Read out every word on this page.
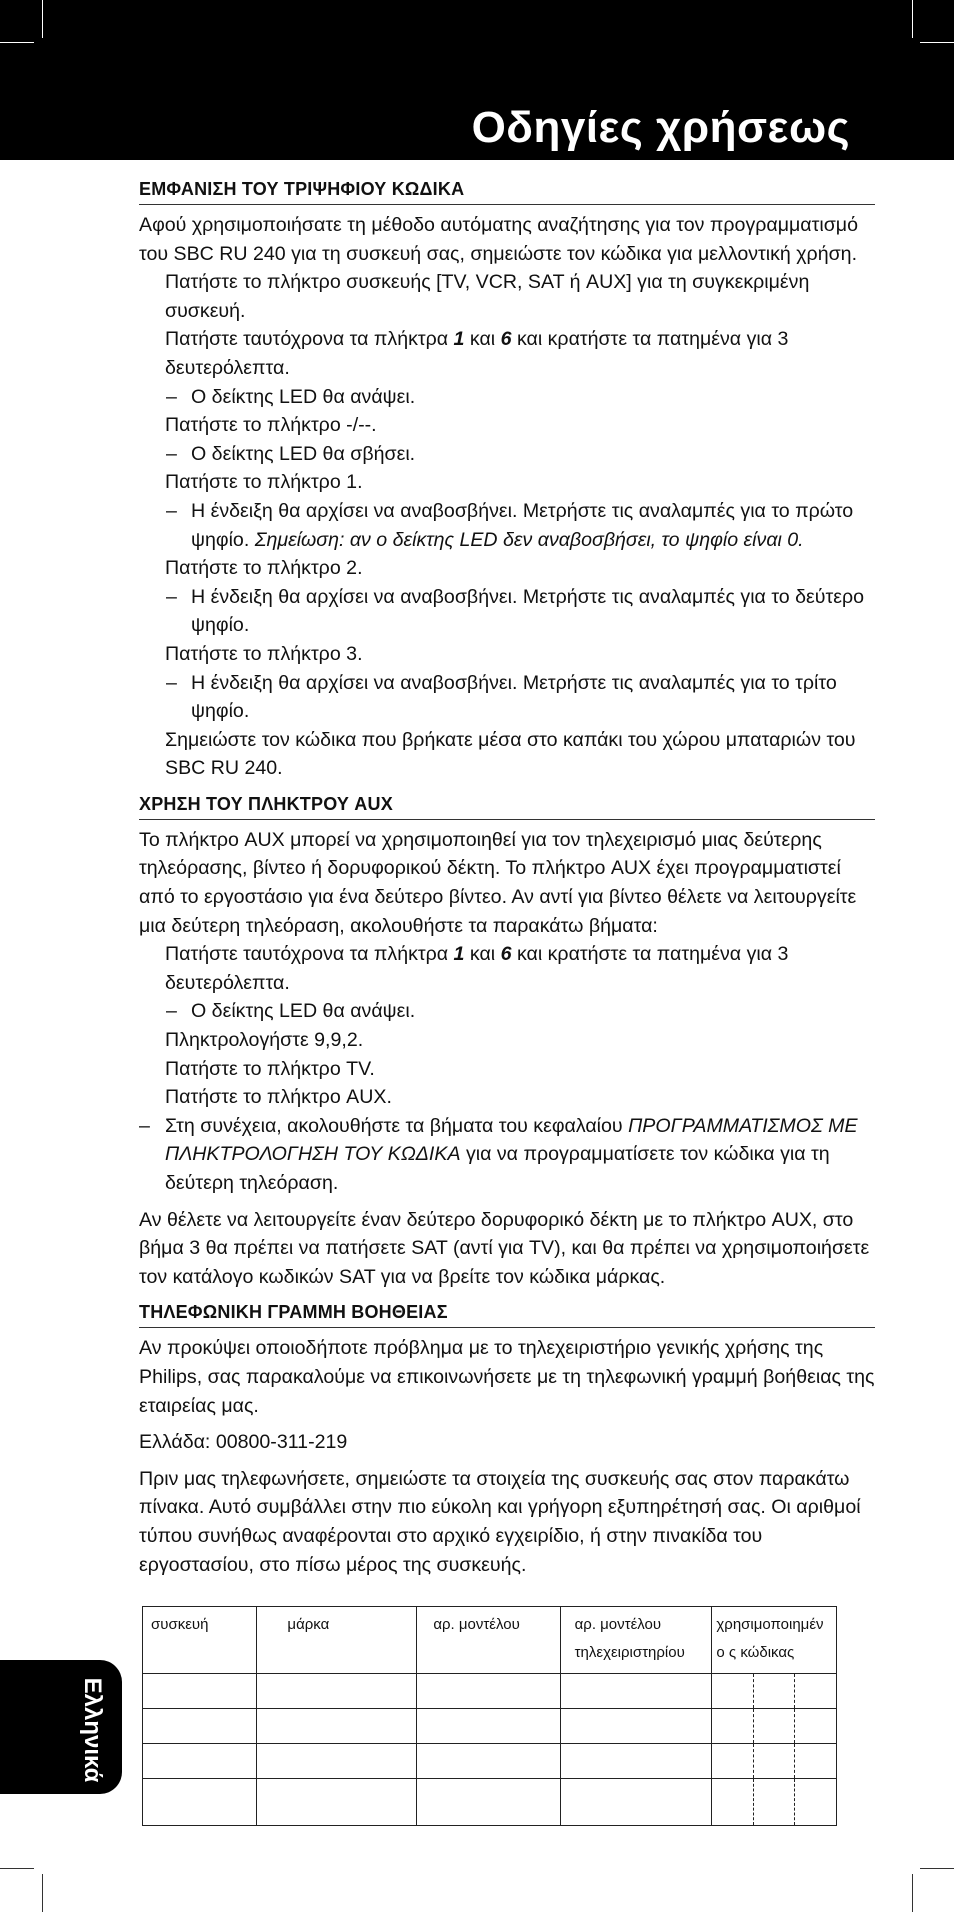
Οδηγίες χρήσεως
ΕΜΦΑΝΙΣΗ ΤΟΥ ΤΡΙΨΗΦΙΟΥ ΚΩΔΙΚΑ

Αφού χρησιμοποιήσατε τη μέθοδο αυτόματης αναζήτησης για τον προγραμματισμό του SBC RU 240 για τη συσκευή σας, σημειώστε τον κώδικα για μελλοντική χρήση.

Πατήστε το πλήκτρο συσκευής [TV, VCR, SAT ή AUX] για τη συγκεκριμένη συσκευή.

Πατήστε ταυτόχρονα τα πλήκτρα 1 και 6 και κρατήστε τα πατημένα για 3 δευτερόλεπτα.

– Ο δείκτης LED θα ανάψει.

Πατήστε το πλήκτρο -/--.

– Ο δείκτης LED θα σβήσει.

Πατήστε το πλήκτρο 1.

– Η ένδειξη θα αρχίσει να αναβοσβήνει. Μετρήστε τις αναλαμπές για το πρώτο ψηφίο. Σημείωση: αν ο δείκτης LED δεν αναβοσβήσει, το ψηφίο είναι 0.

Πατήστε το πλήκτρο 2.

– Η ένδειξη θα αρχίσει να αναβοσβήνει. Μετρήστε τις αναλαμπές για το δεύτερο ψηφίο.

Πατήστε το πλήκτρο 3.

– Η ένδειξη θα αρχίσει να αναβοσβήνει. Μετρήστε τις αναλαμπές για το τρίτο ψηφίο.

Σημειώστε τον κώδικα που βρήκατε μέσα στο καπάκι του χώρου μπαταριών του SBC RU 240.

ΧΡΗΣΗ ΤΟΥ ΠΛΗΚΤΡΟΥ AUX

Το πλήκτρο AUX μπορεί να χρησιμοποιηθεί για τον τηλεχειρισμό μιας δεύτερης τηλεόρασης, βίντεο ή δορυφορικού δέκτη. Το πλήκτρο AUX έχει προγραμματιστεί από το εργοστάσιο για ένα δεύτερο βίντεο. Αν αντί για βίντεο θέλετε να λειτουργείτε μια δεύτερη τηλεόραση, ακολουθήστε τα παρακάτω βήματα:

Πατήστε ταυτόχρονα τα πλήκτρα 1 και 6 και κρατήστε τα πατημένα για 3 δευτερόλεπτα.

– Ο δείκτης LED θα ανάψει.

Πληκτρολογήστε 9,9,2.

Πατήστε το πλήκτρο TV.

Πατήστε το πλήκτρο AUX.

– Στη συνέχεια, ακολουθήστε τα βήματα του κεφαλαίου ΠΡΟΓΡΑΜΜΑΤΙΣΜΟΣ ΜΕ ΠΛΗΚΤΡΟΛΟΓΗΣΗ ΤΟΥ ΚΩΔΙΚΑ για να προγραμματίσετε τον κώδικα για τη δεύτερη τηλεόραση.

Αν θέλετε να λειτουργείτε έναν δεύτερο δορυφορικό δέκτη με το πλήκτρο AUX, στο βήμα 3 θα πρέπει να πατήσετε SAT (αντί για TV), και θα πρέπει να χρησιμοποιήσετε τον κατάλογο κωδικών SAT για να βρείτε τον κώδικα μάρκας.

ΤΗΛΕΦΩΝΙΚΗ ΓΡΑΜΜΗ ΒΟΗΘΕΙΑΣ

Αν προκύψει οποιοδήποτε πρόβλημα με το τηλεχειριστήριο γενικής χρήσης της Philips, σας παρακαλούμε να επικοινωνήσετε με τη τηλεφωνική γραμμή βοήθειας της εταιρείας μας.

Ελλάδα: 00800-311-219

Πριν μας τηλεφωνήσετε, σημειώστε τα στοιχεία της συσκευής σας στον παρακάτω πίνακα. Αυτό συμβάλλει στην πιο εύκολη και γρήγορη εξυπηρέτησή σας. Οι αριθμοί τύπου συνήθως αναφέρονται στο αρχικό εγχειρίδιο, ή στην πινακίδα του εργοστασίου, στο πίσω μέρος της συσκευής.

συσκευή	μάρκα	αρ. μοντέλου	αρ. μοντέλου τηλεχειριστηρίου	χρησιμοποιημένο ς κώδικας

Ελληνικά
